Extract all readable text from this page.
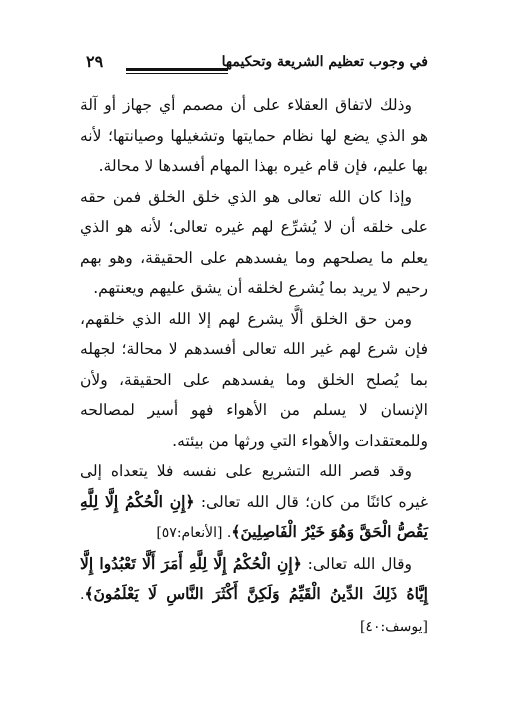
في وجوب تعظيم الشريعة وتحكيمها
٢٩

وذلك لاتفاق العقلاء على أن مصمم أي جهاز أو آلة هو الذي يضع لها نظام حمايتها وتشغيلها وصيانتها؛ لأنه بها عليم، فإن قام غيره بهذا المهام أفسدها لا محالة.

وإذا كان الله تعالى هو الذي خلق الخلق فمن حقه على خلقه أن لا يُشرِّع لهم غيره تعالى؛ لأنه هو الذي يعلم ما يصلحهم وما يفسدهم على الحقيقة، وهو بهم رحيم لا يريد بما يُشرع لخلقه أن يشق عليهم ويعنتهم.

ومن حق الخلق ألَّا يشرع لهم إلا الله الذي خلقهم، فإن شرع لهم غير الله تعالى أفسدهم لا محالة؛ لجهله بما يُصلح الخلق وما يفسدهم على الحقيقة، ولأن الإنسان لا يسلم من الأهواء فهو أسير لمصالحه وللمعتقدات والأهواء التي ورثها من بيئته.

وقد قصر الله التشريع على نفسه فلا يتعداه إلى غيره كائنًا من كان؛ قال الله تعالى: ﴿إِنِ الْحُكْمُ إِلَّا لِلَّهِ يَقُصُّ الْحَقَّ وَهُوَ خَيْرُ الْفَاصِلِينَ﴾. [الأنعام:٥٧]

وقال الله تعالى: ﴿إِنِ الْحُكْمُ إِلَّا لِلَّهِ أَمَرَ أَلَّا تَعْبُدُوا إِلَّا إِيَّاهُ ذَلِكَ الدِّينُ الْقَيِّمُ وَلَكِنَّ أَكْثَرَ النَّاسِ لَا يَعْلَمُونَ﴾. [يوسف:٤٠]
